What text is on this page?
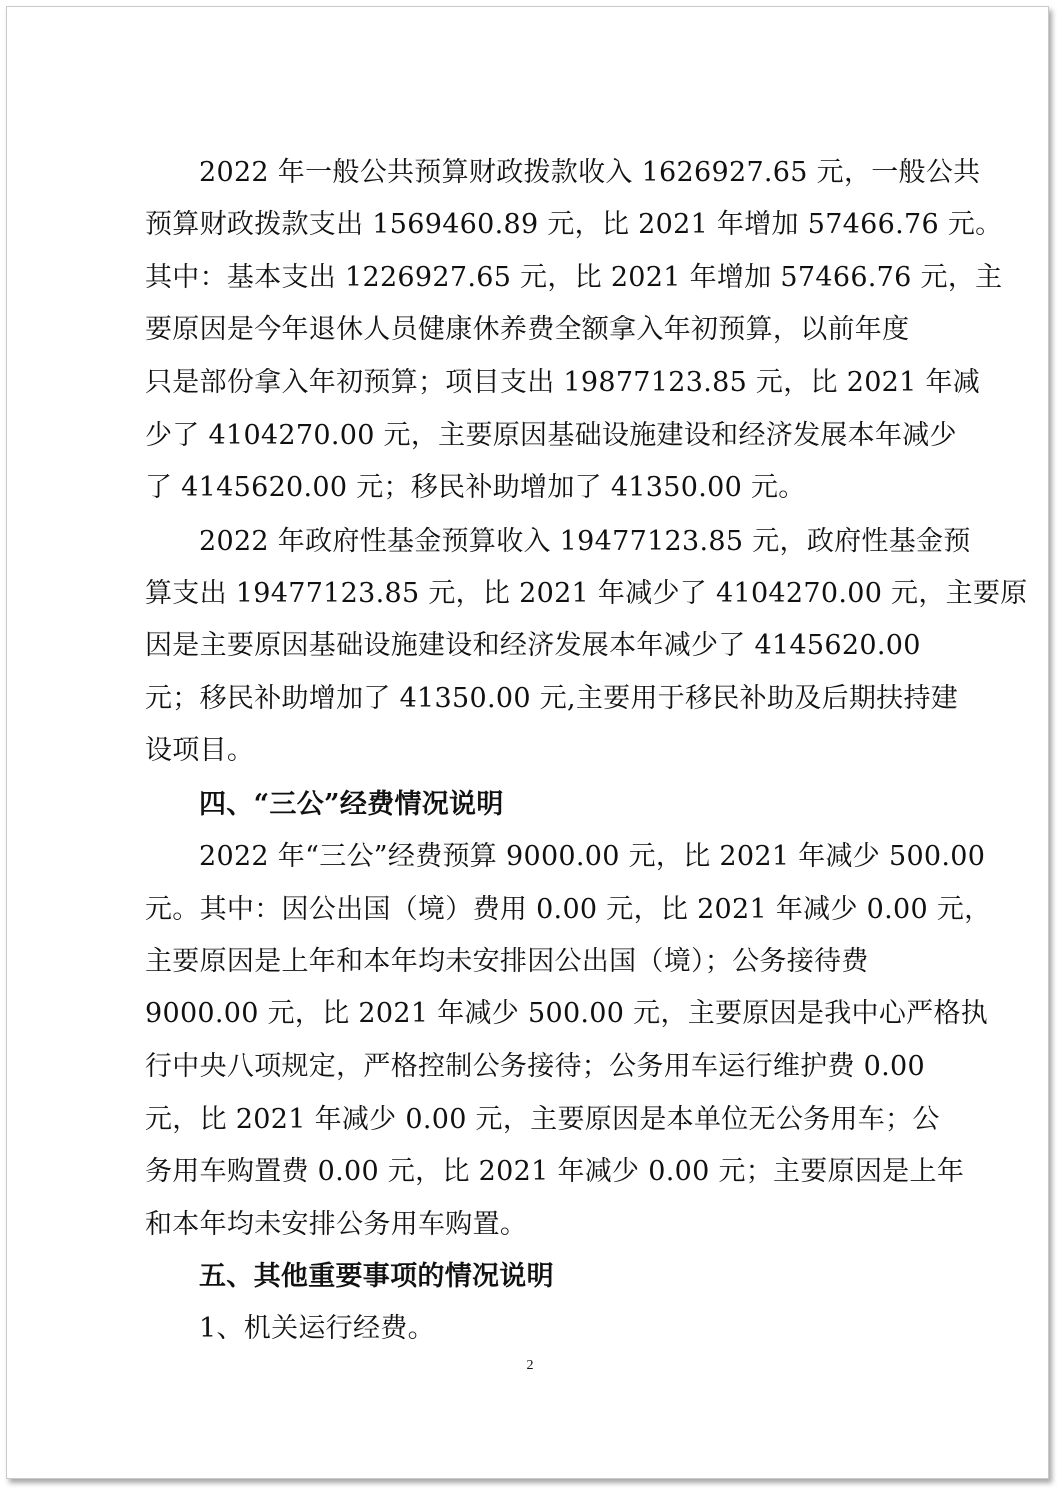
2022 年一般公共预算财政拨款收入 1626927.65 元，一般公共
预算财政拨款支出 1569460.89 元，比 2021 年增加 57466.76 元。
其中：基本支出 1226927.65 元，比 2021 年增加 57466.76 元，主
要原因是今年退休人员健康休养费全额拿入年初预算，以前年度
只是部份拿入年初预算；项目支出 19877123.85 元，比 2021 年减
少了 4104270.00 元，主要原因基础设施建设和经济发展本年减少
了 4145620.00 元；移民补助增加了 41350.00 元。
2022 年政府性基金预算收入 19477123.85 元，政府性基金预
算支出 19477123.85 元，比 2021 年减少了 4104270.00 元，主要原
因是主要原因基础设施建设和经济发展本年减少了 4145620.00
元；移民补助增加了 41350.00 元,主要用于移民补助及后期扶持建
设项目。
四、“三公”经费情况说明
2022 年“三公”经费预算 9000.00 元，比 2021 年减少 500.00
元。其中：因公出国（境）费用 0.00 元，比 2021 年减少 0.00 元，
主要原因是上年和本年均未安排因公出国（境）；公务接待费
9000.00 元，比 2021 年减少 500.00 元，主要原因是我中心严格执
行中央八项规定，严格控制公务接待；公务用车运行维护费 0.00
元，比 2021 年减少 0.00 元，主要原因是本单位无公务用车；公
务用车购置费 0.00 元，比 2021 年减少 0.00 元；主要原因是上年
和本年均未安排公务用车购置。
五、其他重要事项的情况说明
1、机关运行经费。
2
